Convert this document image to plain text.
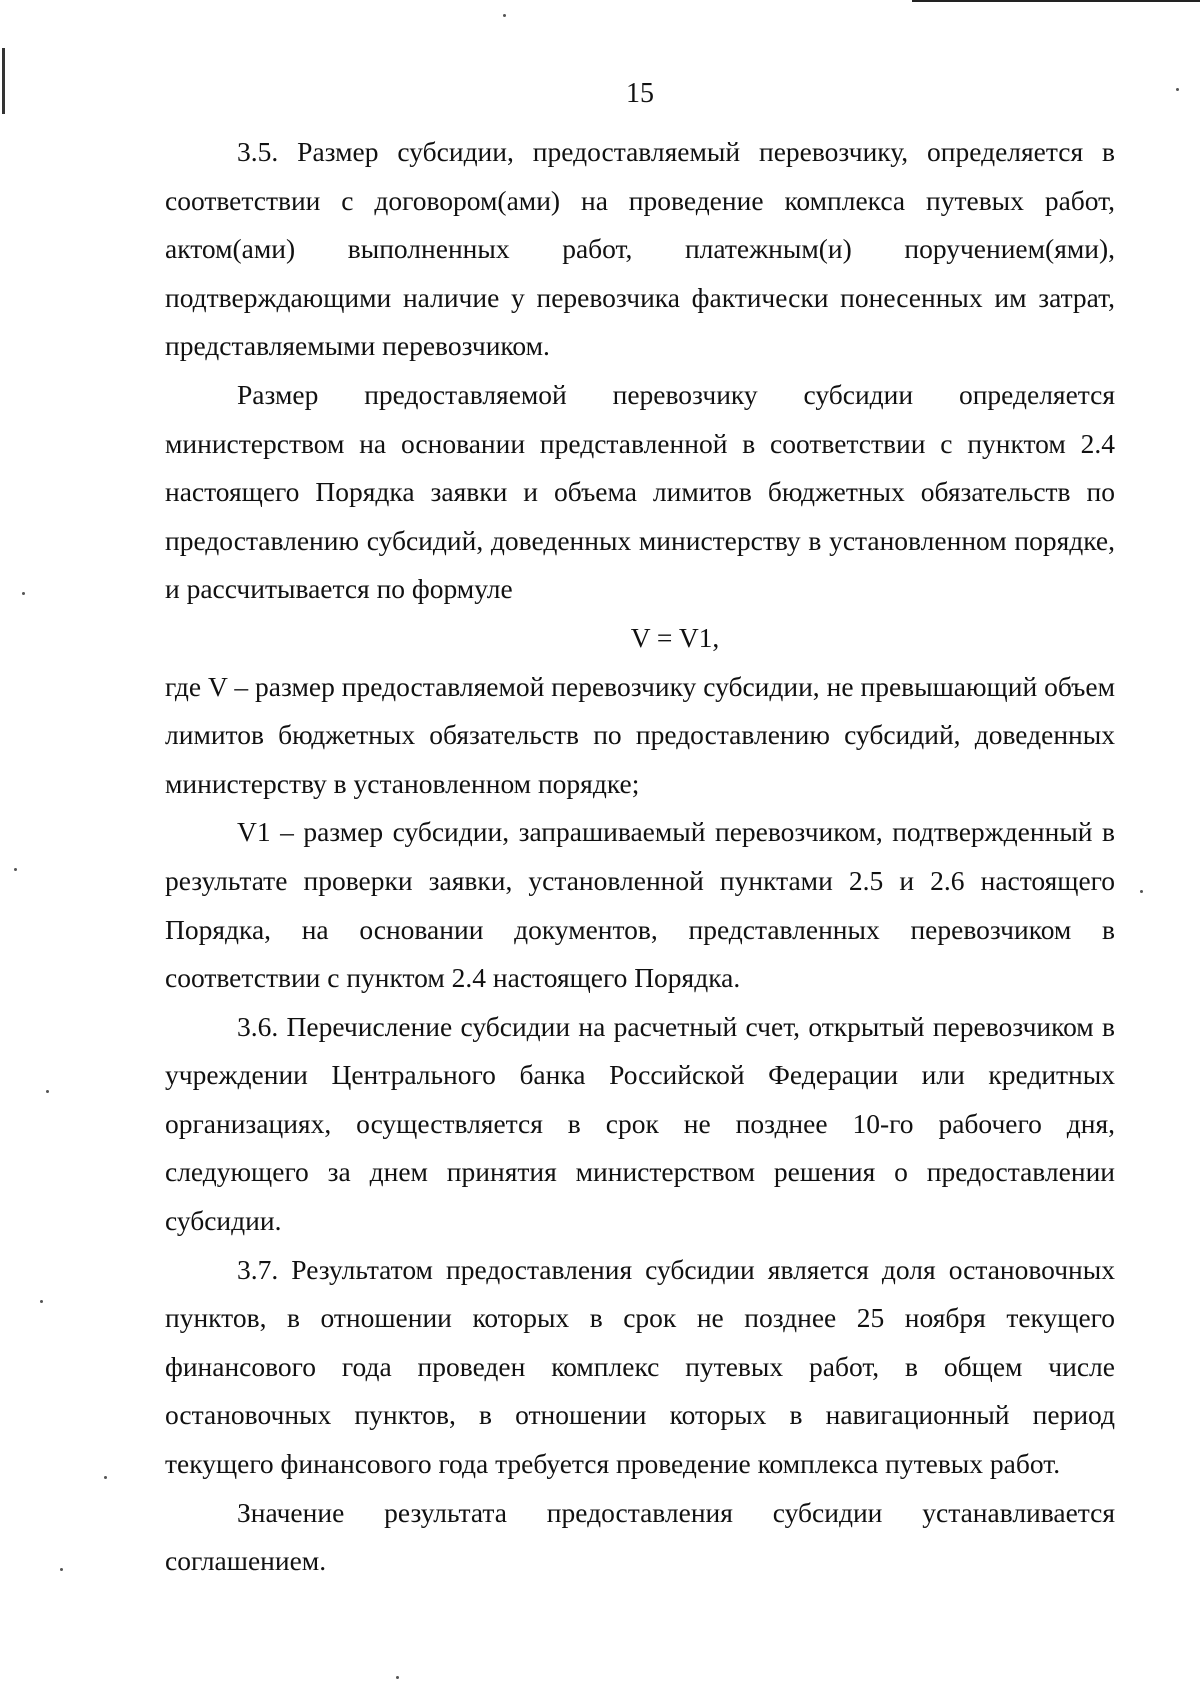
15

3.5. Размер субсидии, предоставляемый перевозчику, определяется в соответствии с договором(ами) на проведение комплекса путевых работ, актом(ами) выполненных работ, платежным(и) поручением(ями), подтверждающими наличие у перевозчика фактически понесенных им затрат, представляемыми перевозчиком.

Размер предоставляемой перевозчику субсидии определяется министерством на основании представленной в соответствии с пунктом 2.4 настоящего Порядка заявки и объема лимитов бюджетных обязательств по предоставлению субсидий, доведенных министерству в установленном порядке, и рассчитывается по формуле

V = V1,

где V – размер предоставляемой перевозчику субсидии, не превышающий объем лимитов бюджетных обязательств по предоставлению субсидий, доведенных министерству в установленном порядке;

V1 – размер субсидии, запрашиваемый перевозчиком, подтвержденный в результате проверки заявки, установленной пунктами 2.5 и 2.6 настоящего Порядка, на основании документов, представленных перевозчиком в соответствии с пунктом 2.4 настоящего Порядка.

3.6. Перечисление субсидии на расчетный счет, открытый перевозчиком в учреждении Центрального банка Российской Федерации или кредитных организациях, осуществляется в срок не позднее 10-го рабочего дня, следующего за днем принятия министерством решения о предоставлении субсидии.

3.7. Результатом предоставления субсидии является доля остановочных пунктов, в отношении которых в срок не позднее 25 ноября текущего финансового года проведен комплекс путевых работ, в общем числе остановочных пунктов, в отношении которых в навигационный период текущего финансового года требуется проведение комплекса путевых работ.

Значение результата предоставления субсидии устанавливается соглашением.
